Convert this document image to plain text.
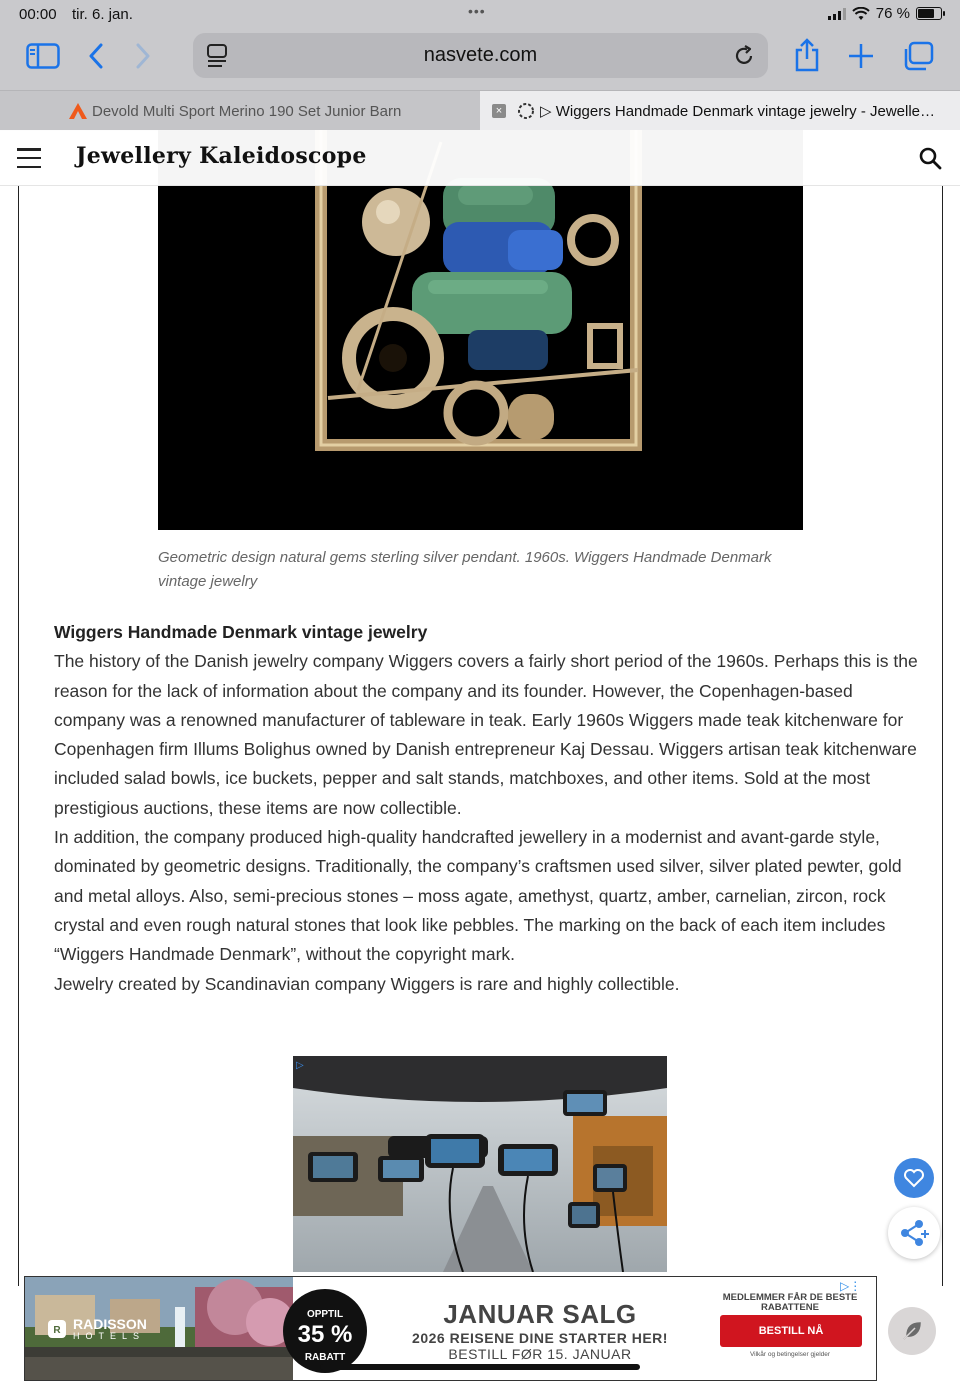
00:00 tir. 6. jan.	•••	76 %
nasvete.com
Devold Multi Sport Merino 190 Set Junior Barn	×	▷ Wiggers Handmade Denmark vintage jewelry - Jewelle…
Geometric design natural gems sterling silver pendant. 1960s. Wiggers Handmade Denmark vintage jewelry
Wiggers Handmade Denmark vintage jewelry

The history of the Danish jewelry company Wiggers covers a fairly short period of the 1960s. Perhaps this is the reason for the lack of information about the company and its founder. However, the Copenhagen-based company was a renowned manufacturer of tableware in teak. Early 1960s Wiggers made teak kitchenware for Copenhagen firm Illums Bolighus owned by Danish entrepreneur Kaj Dessau. Wiggers artisan teak kitchenware included salad bowls, ice buckets, pepper and salt stands, matchboxes, and other items. Sold at the most prestigious auctions, these items are now collectible.

In addition, the company produced high-quality handcrafted jewellery in a modernist and avant-garde style, dominated by geometric designs. Traditionally, the company’s craftsmen used silver, silver plated pewter, gold and metal alloys. Also, semi-precious stones – moss agate, amethyst, quartz, amber, carnelian, zircon, rock crystal and even rough natural stones that look like pebbles. The marking on the back of each item includes “Wiggers Handmade Denmark”, without the copyright mark.

Jewelry created by Scandinavian company Wiggers is rare and highly collectible.

▷
Jewellery Kaleidoscope
R RADISSON
HOTELS
OPPTIL
35 %
RABATT
JANUAR SALG
2026 REISENE DINE STARTER HER!
BESTILL FØR 15. JANUAR
MEDLEMMER FÅR DE BESTE RABATTENE
BESTILL NÅ
Vilkår og betingelser gjelder
▷⋮
